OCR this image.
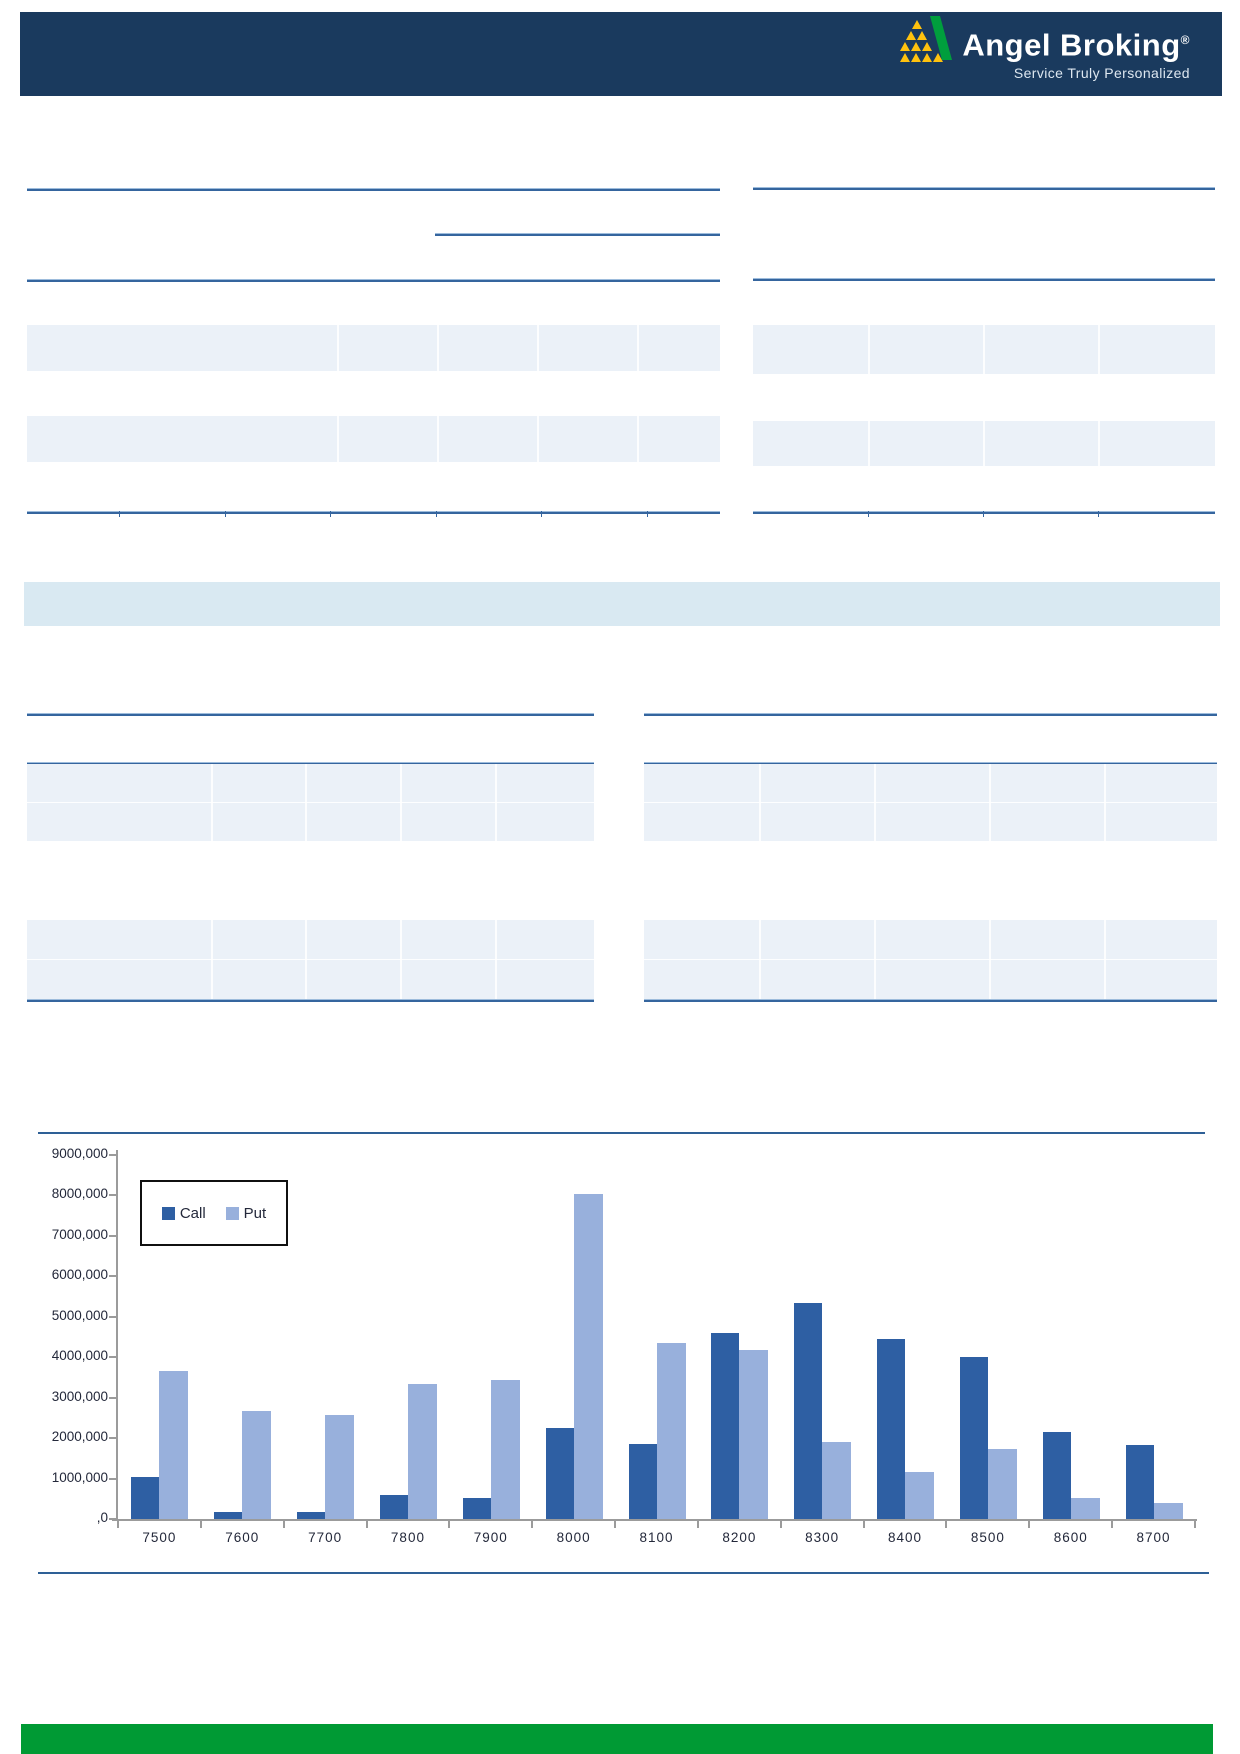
Angel Broking®
Service Truly Personalized
Call	Put
9000,000
8000,000
7000,000
6000,000
5000,000
4000,000
3000,000
2000,000
1000,000
,0
7500	7600	7700	7800	7900	8000	8100	8200	8300	8400	8500	8600	8700
